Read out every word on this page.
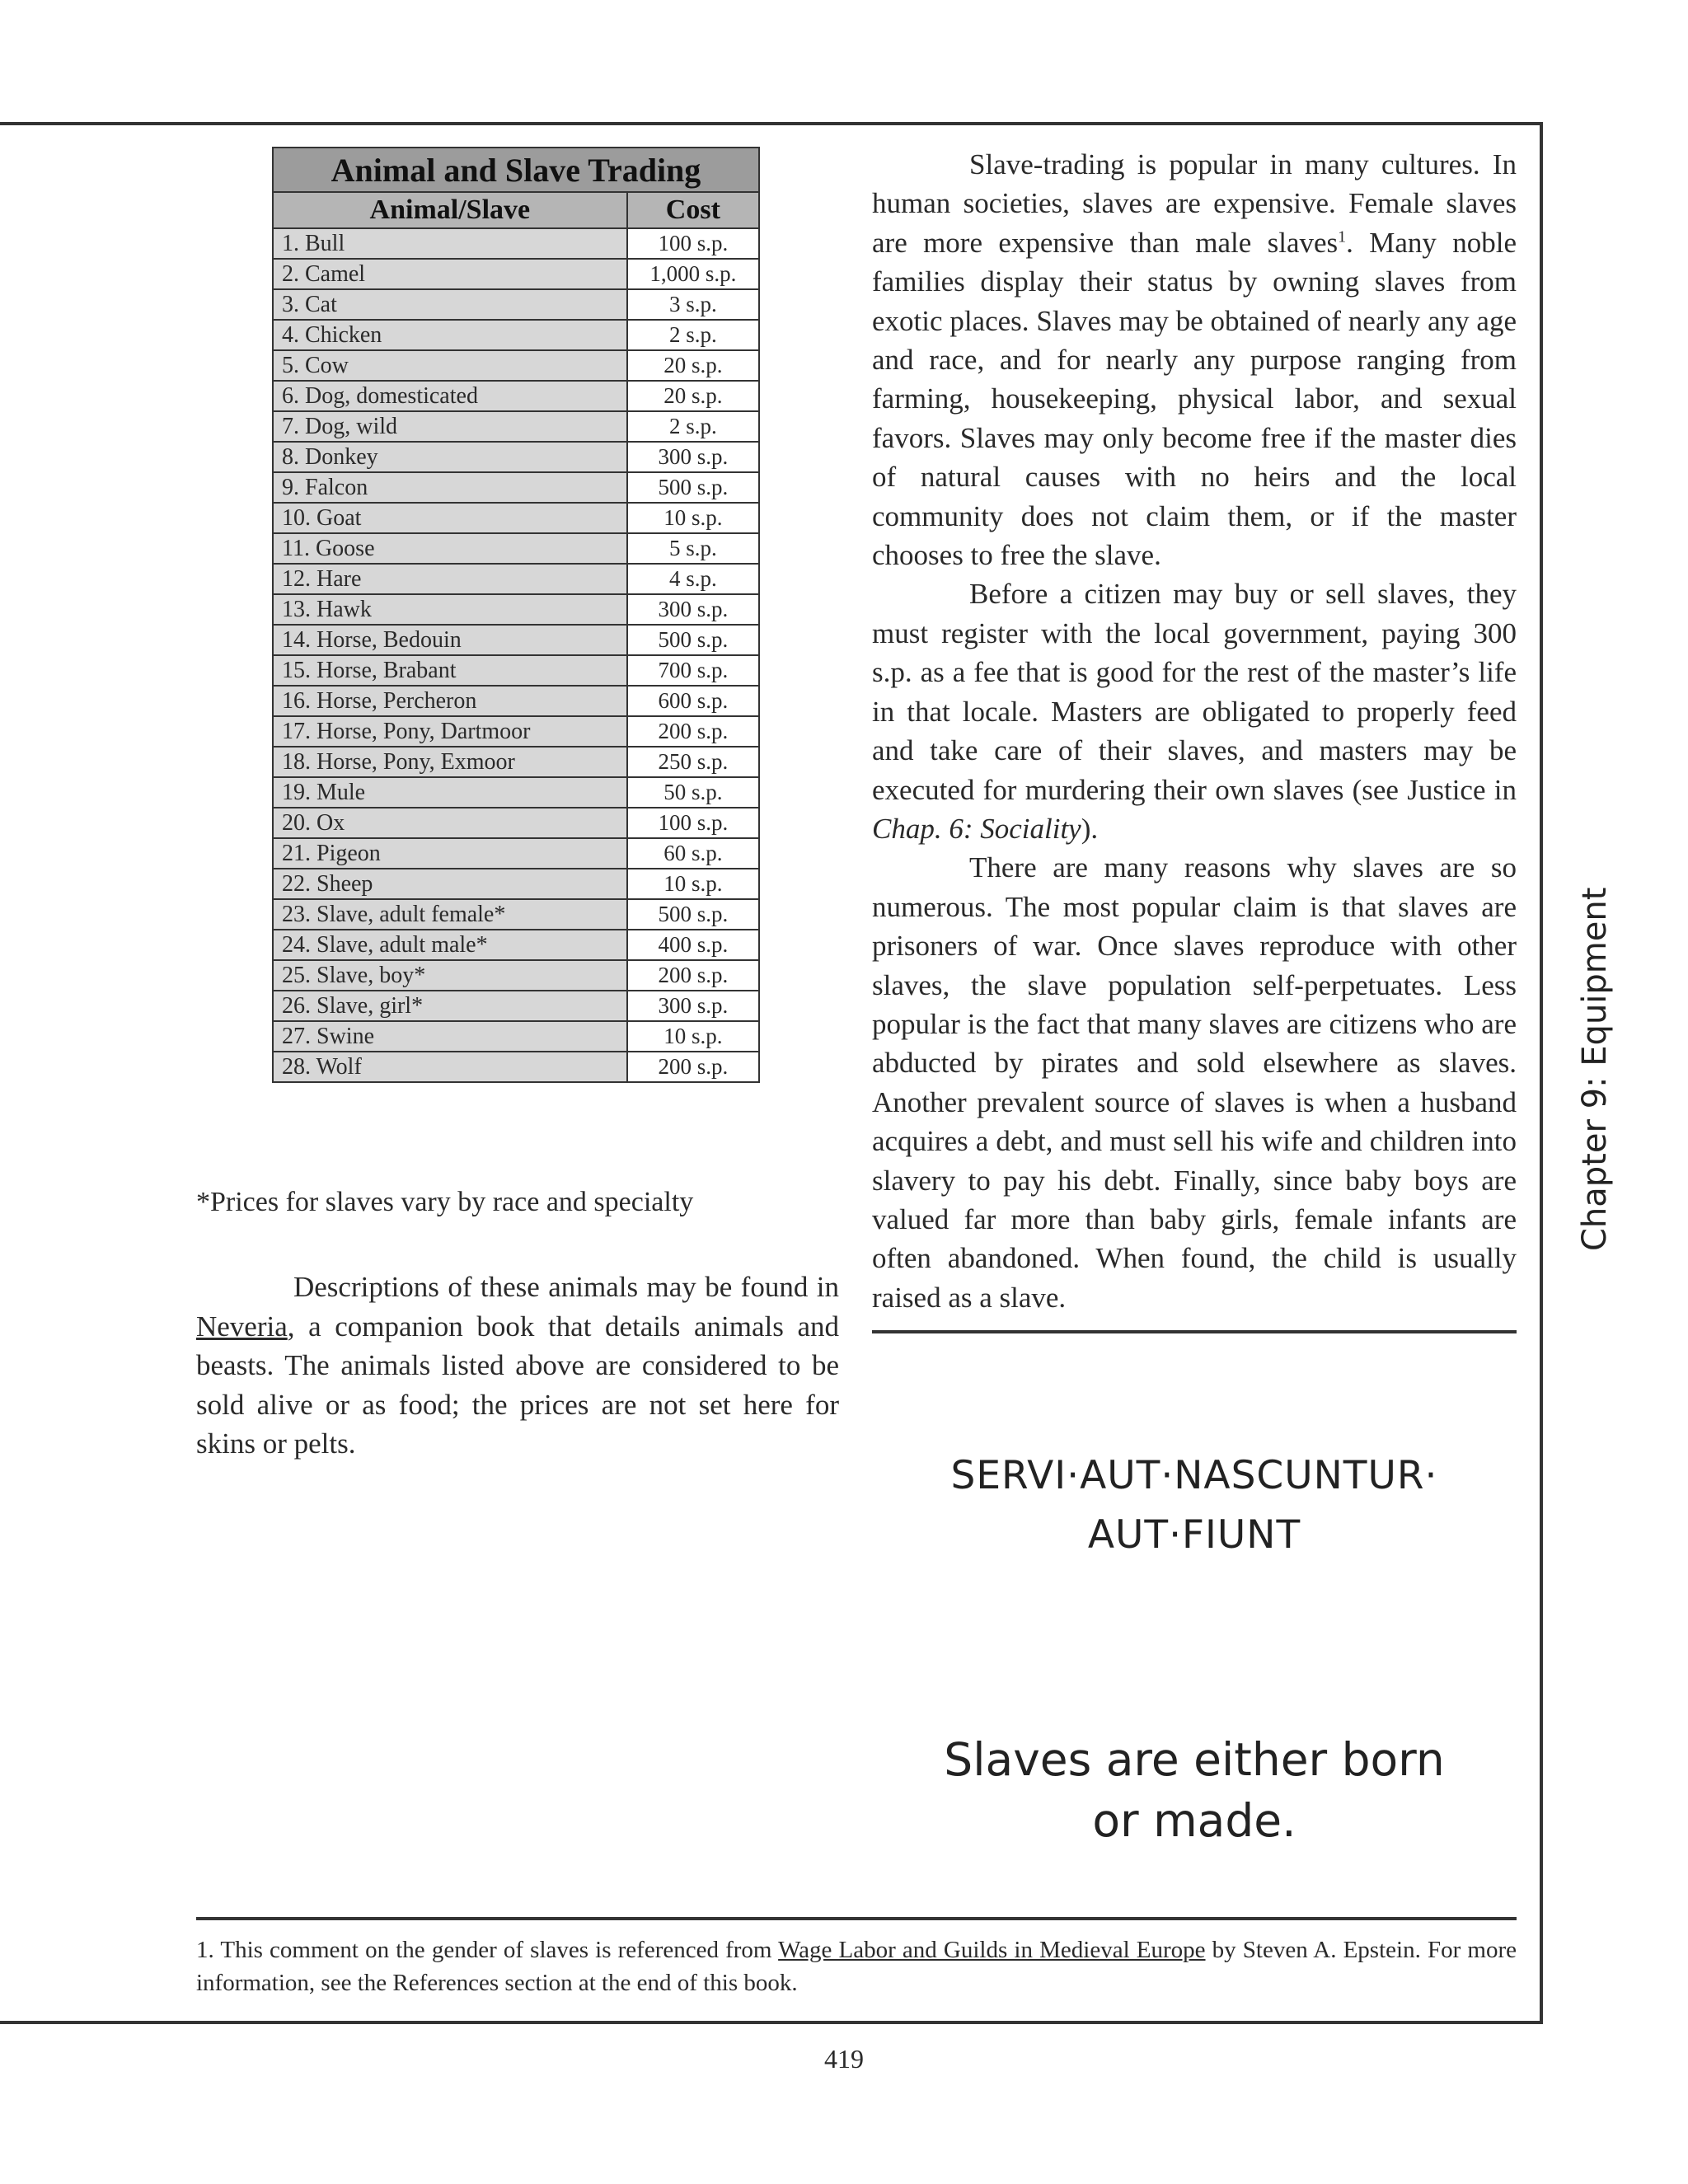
Animal and Slave Trading	
Animal/Slave	Cost
1. Bull	100 s.p.
2. Camel	1,000 s.p.
3. Cat	3 s.p.
4. Chicken	2 s.p.
5. Cow	20 s.p.
6. Dog, domesticated	20 s.p.
7. Dog, wild	2 s.p.
8. Donkey	300 s.p.
9. Falcon	500 s.p.
10. Goat	10 s.p.
11. Goose	5 s.p.
12. Hare	4 s.p.
13. Hawk	300 s.p.
14. Horse, Bedouin	500 s.p.
15. Horse, Brabant	700 s.p.
16. Horse, Percheron	600 s.p.
17. Horse, Pony, Dartmoor	200 s.p.
18. Horse, Pony, Exmoor	250 s.p.
19. Mule	50 s.p.
20. Ox	100 s.p.
21. Pigeon	60 s.p.
22. Sheep	10 s.p.
23. Slave, adult female*	500 s.p.
24. Slave, adult male*	400 s.p.
25. Slave, boy*	200 s.p.
26. Slave, girl*	300 s.p.
27. Swine	10 s.p.
28. Wolf	200 s.p.
*Prices for slaves vary by race and specialty
Descriptions of these animals may be found in Neveria, a companion book that details animals and beasts. The animals listed above are considered to be sold alive or as food; the prices are not set here for skins or pelts.

Slave-trading is popular in many cultures. In human societies, slaves are expensive. Female slaves are more expensive than male slaves$^1$. Many noble families display their status by owning slaves from exotic places. Slaves may be obtained of nearly any age and race, and for nearly any purpose ranging from farming, housekeeping, physical labor, and sexual favors. Slaves may only become free if the master dies of natural causes with no heirs and the local community does not claim them, or if the master chooses to free the slave.

Before a citizen may buy or sell slaves, they must register with the local government, paying 300 s.p. as a fee that is good for the rest of the master’s life in that locale. Masters are obligated to properly feed and take care of their slaves, and masters may be executed for murdering their own slaves (see Justice in Chap. 6: Sociality).

There are many reasons why slaves are so numerous. The most popular claim is that slaves are prisoners of war. Once slaves reproduce with other slaves, the slave population self-perpetuates. Less popular is the fact that many slaves are citizens who are abducted by pirates and sold elsewhere as slaves. Another prevalent source of slaves is when a husband acquires a debt, and must sell his wife and children into slavery to pay his debt. Finally, since baby boys are valued far more than baby girls, female infants are often abandoned. When found, the child is usually raised as a slave.

SERVI·AUT·NASCUNTUR·
AUT·FIUNT
Slaves are either born
or made.
1. This comment on the gender of slaves is referenced from Wage Labor and Guilds in Medieval Europe by Steven A. Epstein. For more information, see the References section at the end of this book.
Chapter 9: Equipment
419
